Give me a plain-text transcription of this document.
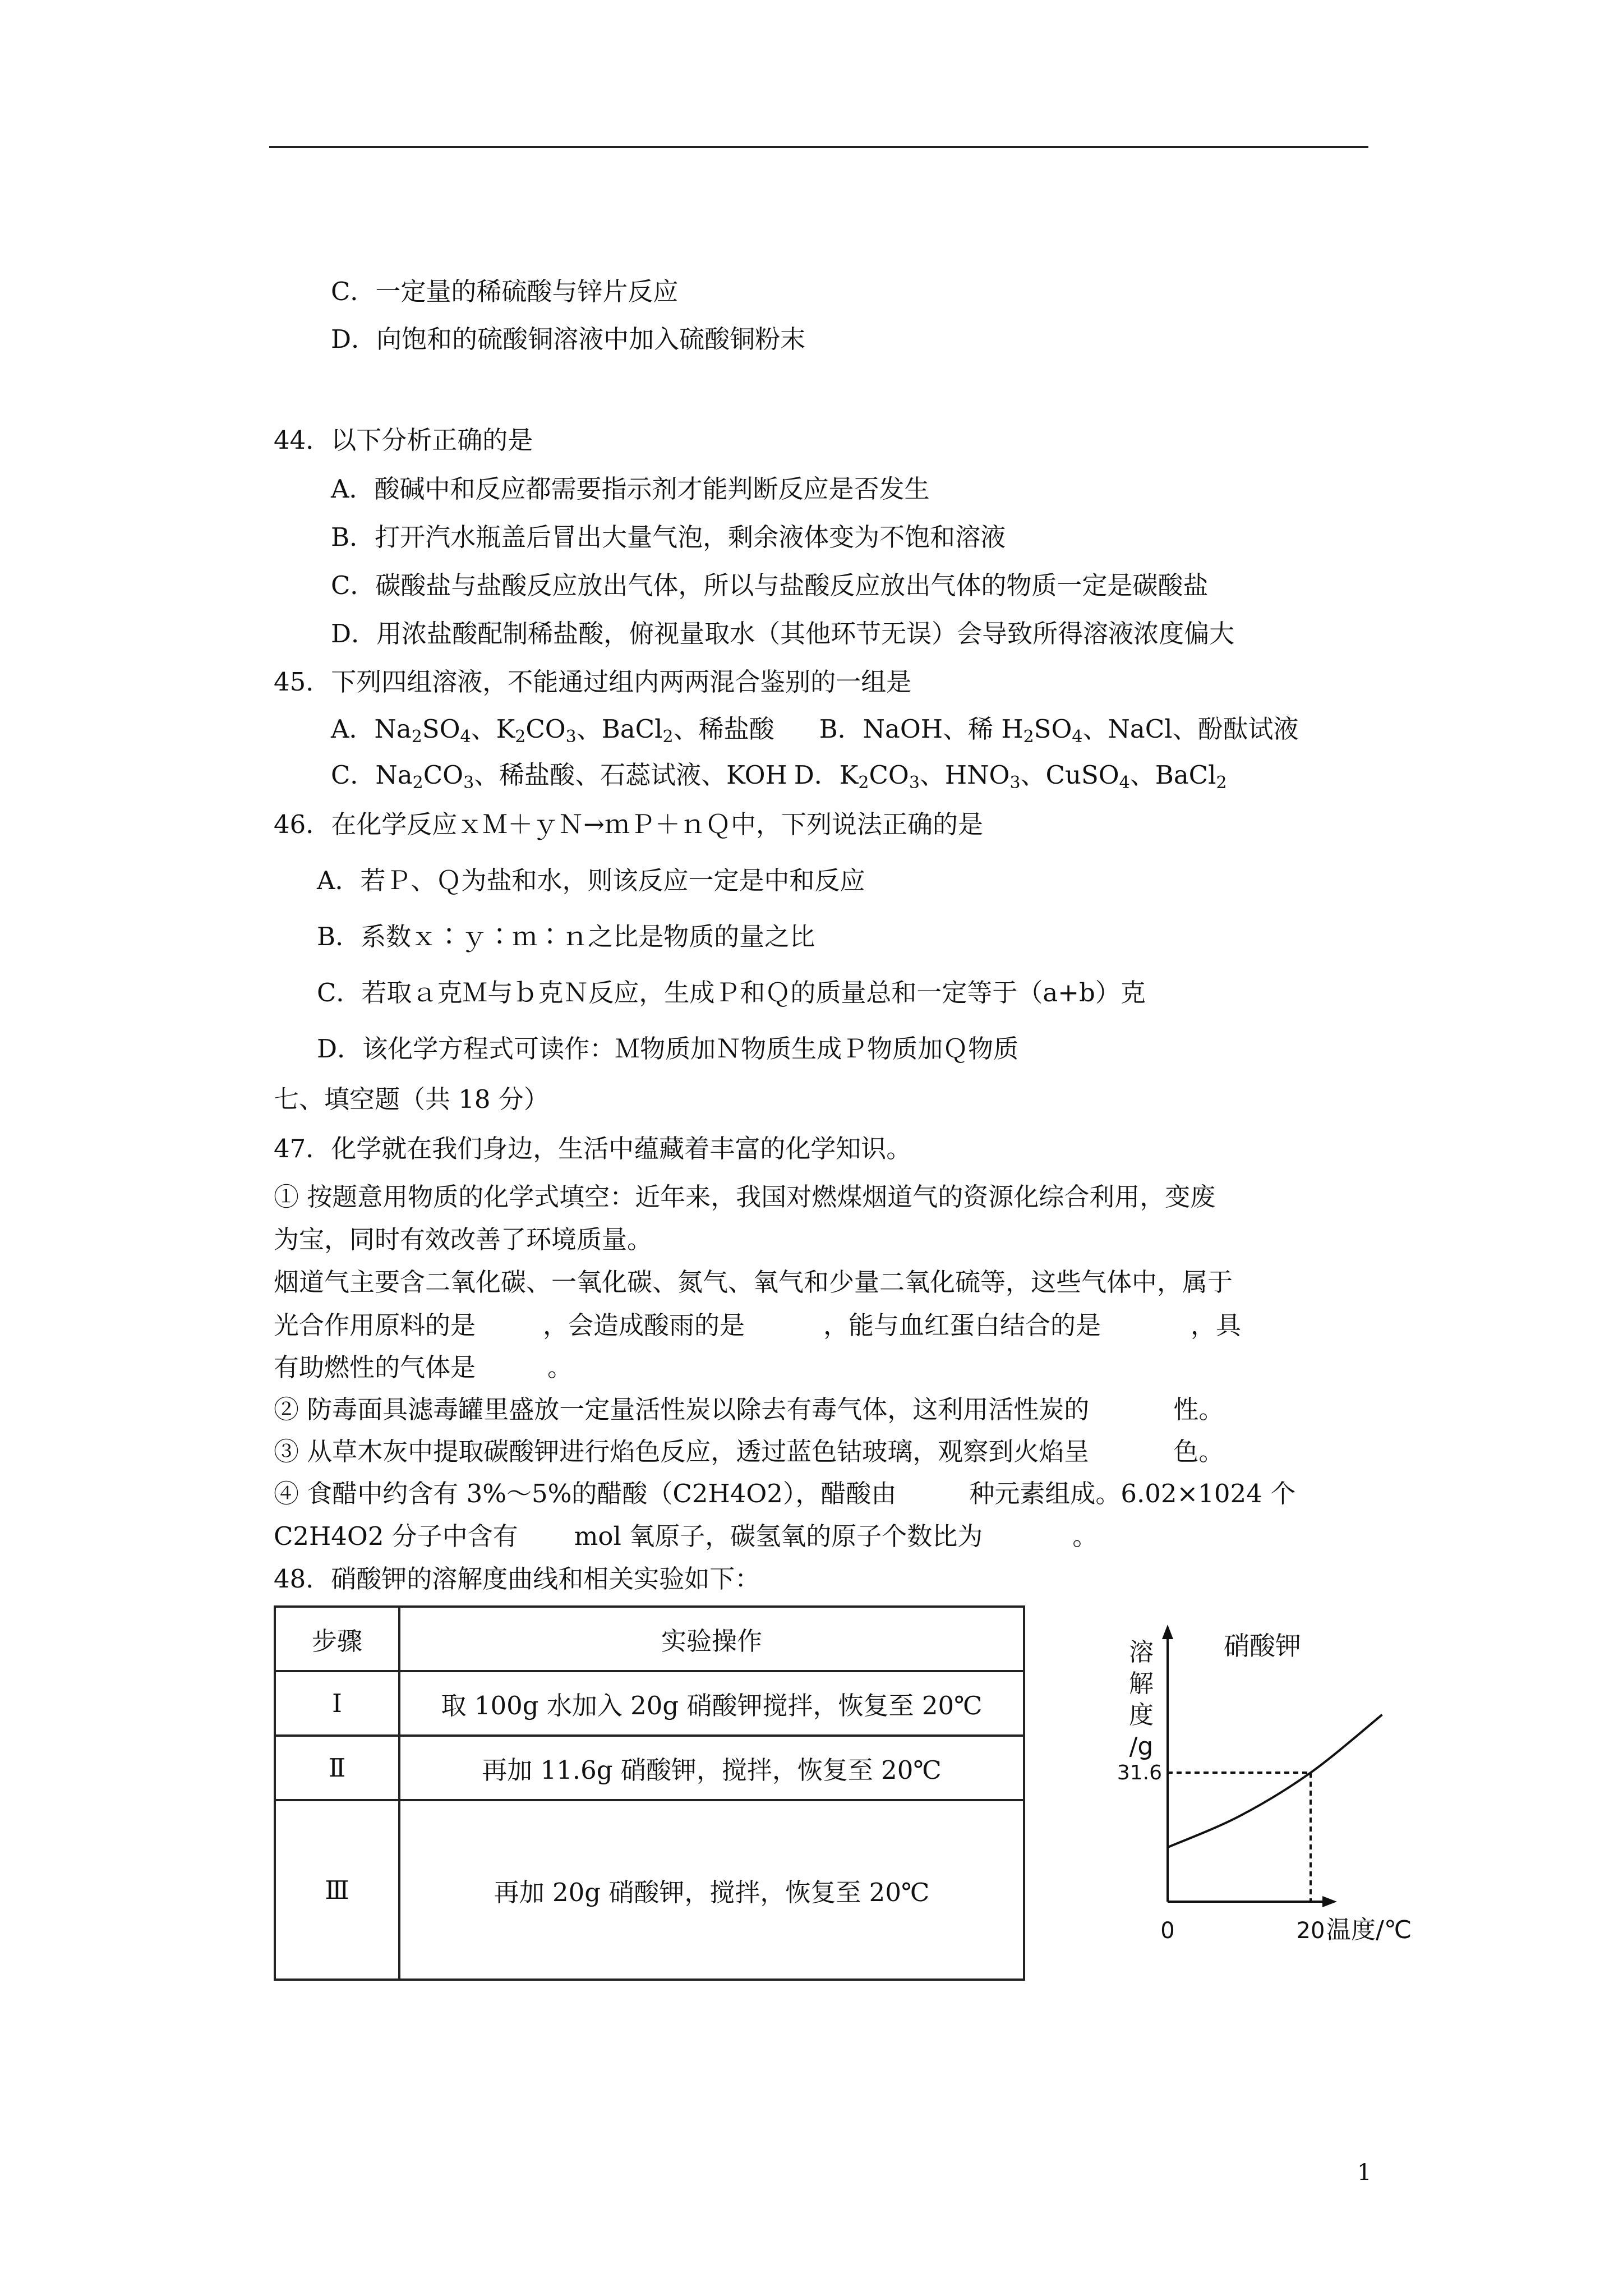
C．一定量的稀硫酸与锌片反应
D．向饱和的硫酸铜溶液中加入硫酸铜粉末
44．以下分析正确的是
A．酸碱中和反应都需要指示剂才能判断反应是否发生
B．打开汽水瓶盖后冒出大量气泡，剩余液体变为不饱和溶液
C．碳酸盐与盐酸反应放出气体，所以与盐酸反应放出气体的物质一定是碳酸盐
D．用浓盐酸配制稀盐酸，俯视量取水（其他环节无误）会导致所得溶液浓度偏大
45．下列四组溶液，不能通过组内两两混合鉴别的一组是
A．$Na_2SO_4$、$K_2CO_3$、BaCl$_2$、稀盐酸 B．NaOH、稀 $H_2SO_4$、NaCl、酚酞试液
C．$Na_2CO_3$、稀盐酸、石蕊试液、KOH D．$K_2CO_3$、$HNO_3$、CuSO$_4$、BaCl$_2$
46．在化学反应ｘＭ＋ｙＮ→ｍＰ＋ｎＱ中，下列说法正确的是
A．若Ｐ、Ｑ为盐和水，则该反应一定是中和反应
B．系数ｘ∶ｙ∶ｍ∶ｎ之比是物质的量之比
C．若取ａ克Ｍ与ｂ克Ｎ反应，生成Ｐ和Ｑ的质量总和一定等于（a+b）克
D．该化学方程式可读作：Ｍ物质加Ｎ物质生成Ｐ物质加Ｑ物质
七、填空题（共 18 分）
47．化学就在我们身边，生活中蕴藏着丰富的化学知识。
① 按题意用物质的化学式填空：近年来，我国对燃煤烟道气的资源化综合利用，变废
为宝，同时有效改善了环境质量。
烟道气主要含二氧化碳、一氧化碳、氮气、氧气和少量二氧化硫等，这些气体中，属于
光合作用原料的是	，会造成酸雨的是	，能与血红蛋白结合的是	，具
有助燃性的气体是	。
② 防毒面具滤毒罐里盛放一定量活性炭以除去有毒气体，这利用活性炭的	性。
③ 从草木灰中提取碳酸钾进行焰色反应，透过蓝色钴玻璃，观察到火焰呈	色。
④ 食醋中约含有 3%～5%的醋酸（C2H4O2），醋酸由	种元素组成。6.02×1024 个
C2H4O2 分子中含有 mol 氧原子，碳氢氧的原子个数比为	。
48．硝酸钾的溶解度曲线和相关实验如下：
步骤	实验操作
Ⅰ	取 100g 水加入 20g 硝酸钾搅拌，恢复至 20℃
Ⅱ	再加 11.6g 硝酸钾，搅拌，恢复至 20℃
Ⅲ	再加 20g 硝酸钾，搅拌，恢复至 20℃
溶
解
度
/g
硝酸钾
31.6
0	20 温度/℃
1
